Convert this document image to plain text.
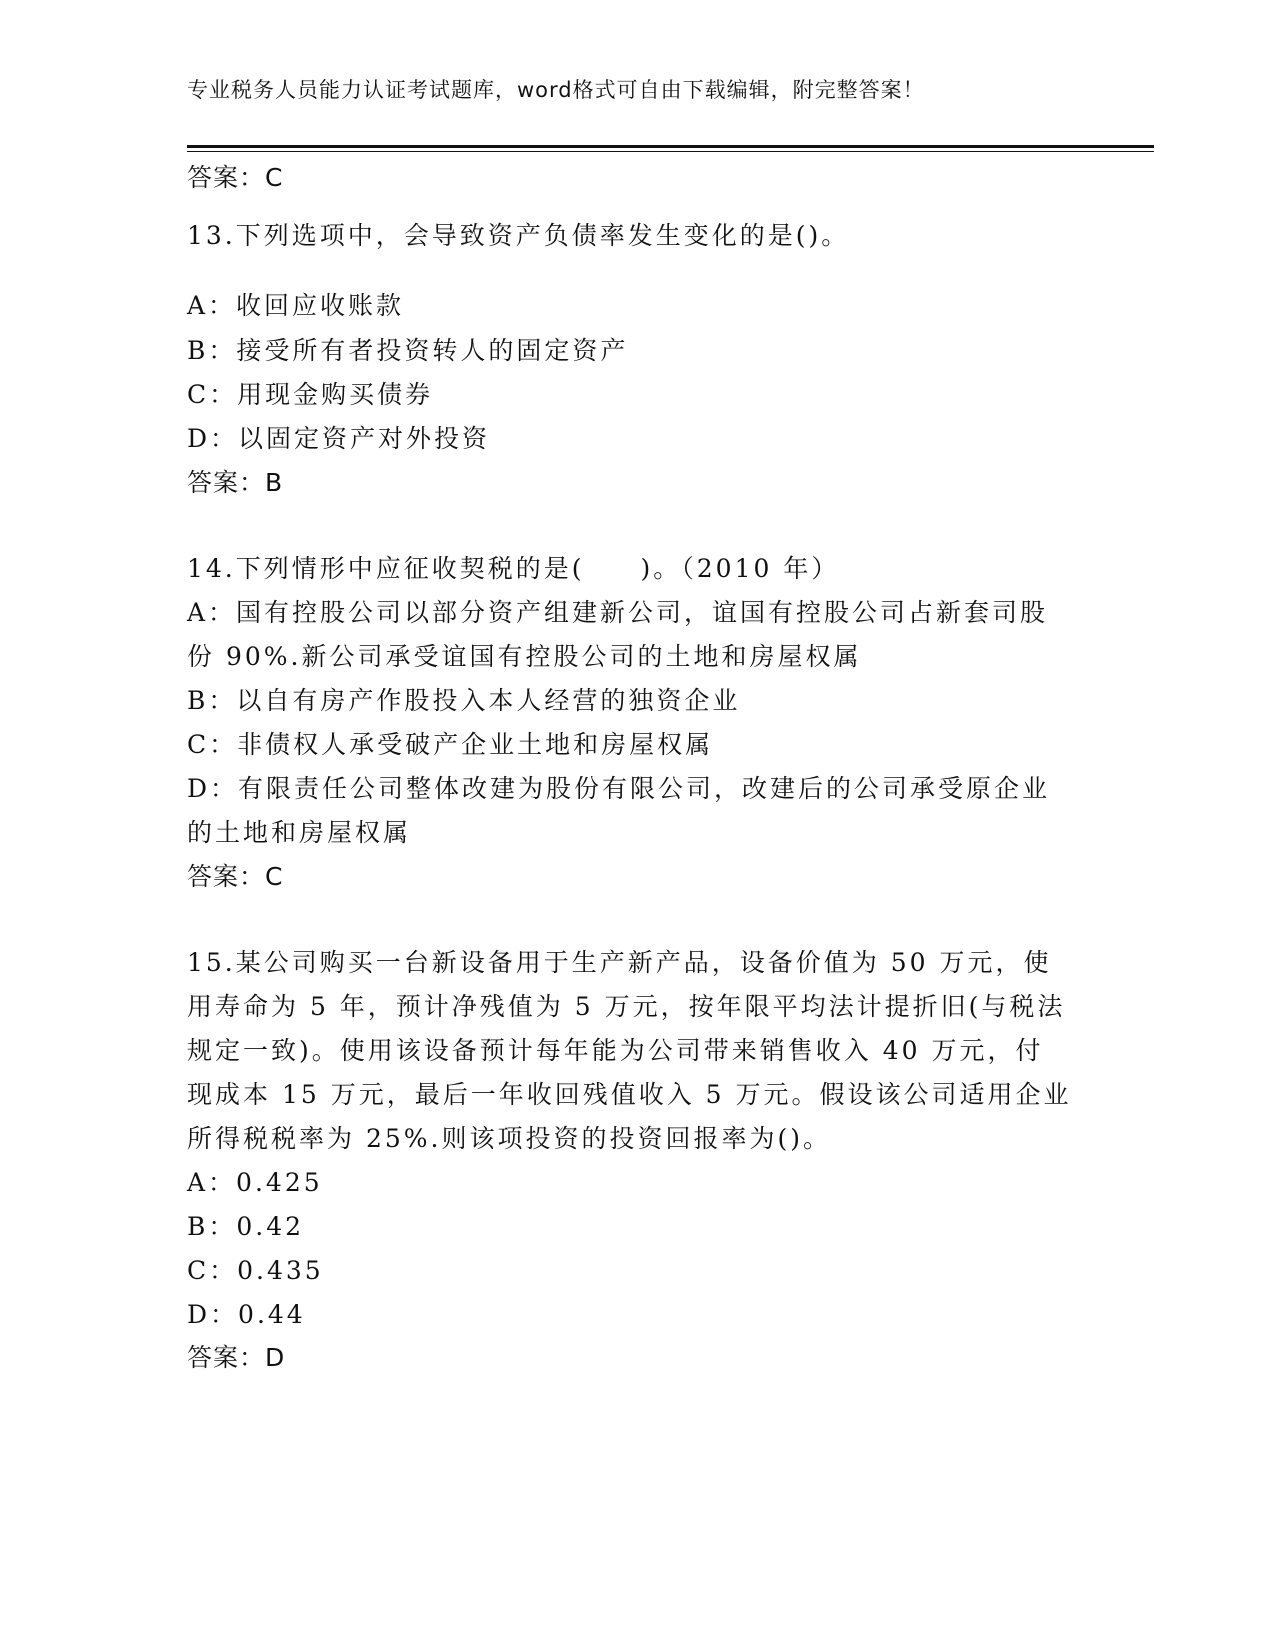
专业税务人员能力认证考试题库，word格式可自由下载编辑，附完整答案！
答案：C
13.下列选项中，会导致资产负债率发生变化的是()。
A：收回应收账款
B：接受所有者投资转人的固定资产
C：用现金购买债券
D：以固定资产对外投资
答案：B
14.下列情形中应征收契税的是(　　)。（2010 年）
A：国有控股公司以部分资产组建新公司，谊国有控股公司占新套司股
份 90%.新公司承受谊国有控股公司的土地和房屋权属
B：以自有房产作股投入本人经营的独资企业
C：非债权人承受破产企业土地和房屋权属
D：有限责任公司整体改建为股份有限公司，改建后的公司承受原企业
的土地和房屋权属
答案：C
15.某公司购买一台新设备用于生产新产品，设备价值为 50 万元，使
用寿命为 5 年，预计净残值为 5 万元，按年限平均法计提折旧(与税法
规定一致)。使用该设备预计每年能为公司带来销售收入 40 万元，付
现成本 15 万元，最后一年收回残值收入 5 万元。假设该公司适用企业
所得税税率为 25%.则该项投资的投资回报率为()。
A：0.425
B：0.42
C：0.435
D：0.44
答案：D
